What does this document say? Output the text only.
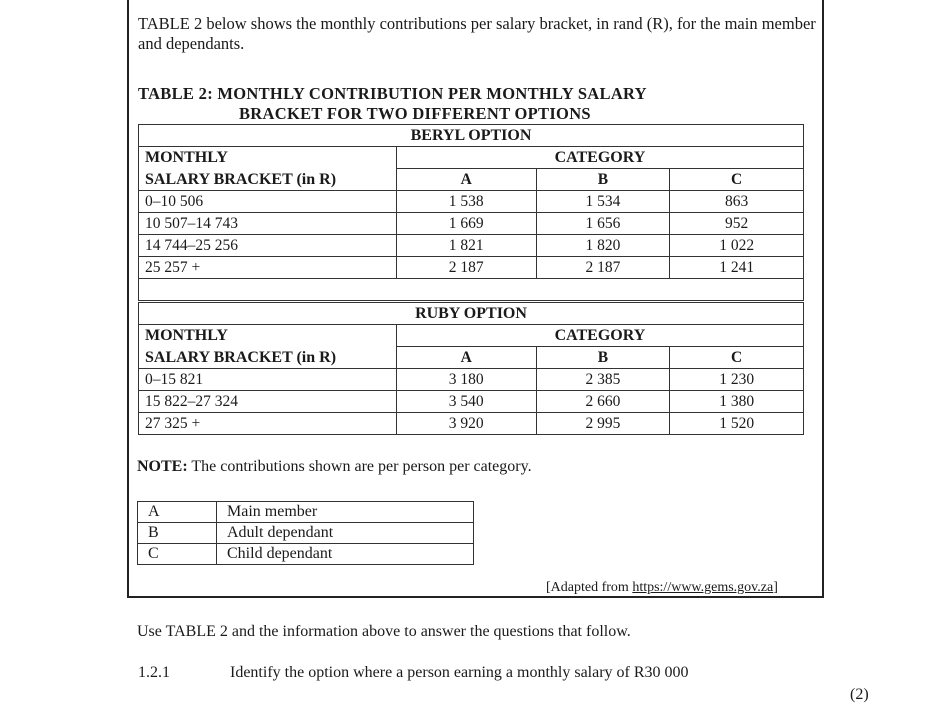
TABLE 2 below shows the monthly contributions per salary bracket, in rand (R), for the main member and dependants.
TABLE 2: MONTHLY CONTRIBUTION PER MONTHLY SALARY
BRACKET FOR TWO DIFFERENT OPTIONS
BERYL OPTION			
MONTHLY	CATEGORY		
SALARY BRACKET (in R)	A	B	C
0–10 506	1 538	1 534	863
10 507–14 743	1 669	1 656	952
14 744–25 256	1 821	1 820	1 022
25 257 +	2 187	2 187	1 241

RUBY OPTION			
MONTHLY	CATEGORY		
SALARY BRACKET (in R)	A	B	C
0–15 821	3 180	2 385	1 230
15 822–27 324	3 540	2 660	1 380
27 325 +	3 920	2 995	1 520
NOTE: The contributions shown are per person per category.
A	Main member
B	Adult dependant
C	Child dependant
[Adapted from https://www.gems.gov.za]
Use TABLE 2 and the information above to answer the questions that follow.
1.2.1	Identify the option where a person earning a monthly salary of R30 000
(2)
